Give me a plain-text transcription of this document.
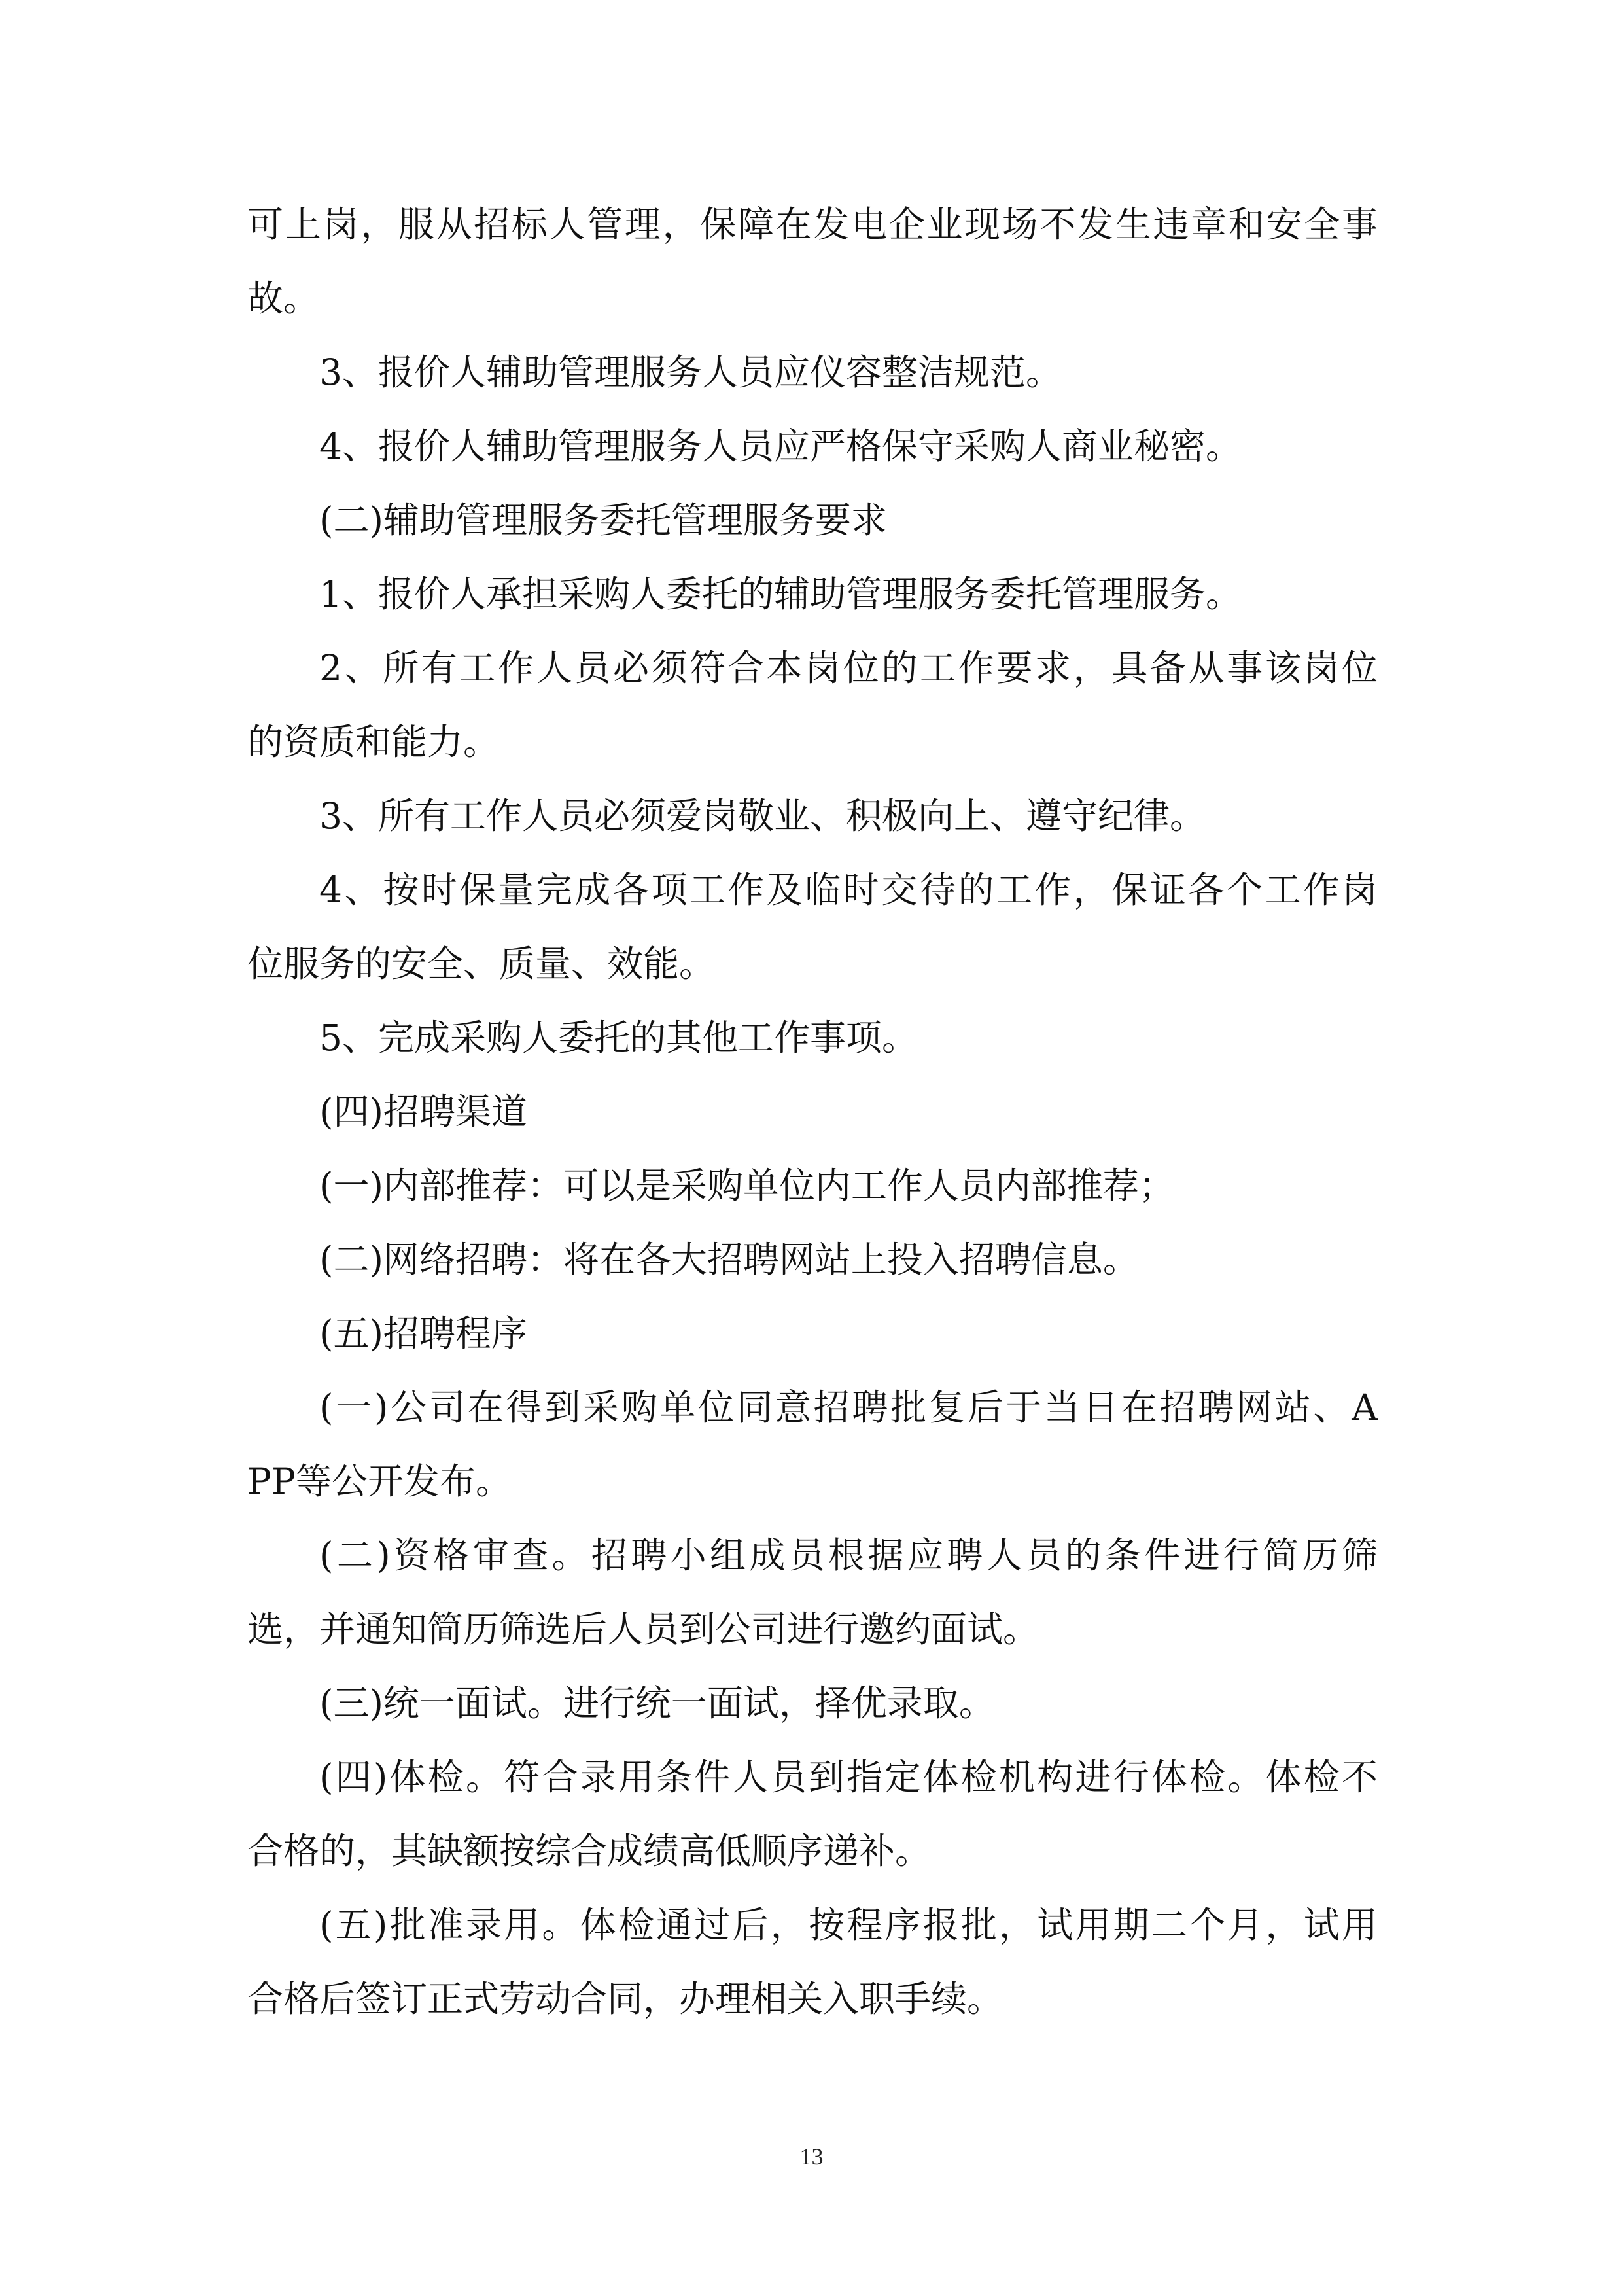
可上岗，服从招标人管理，保障在发电企业现场不发生违章和安全事
故。
3、报价人辅助管理服务人员应仪容整洁规范。
4、报价人辅助管理服务人员应严格保守采购人商业秘密。
(二)辅助管理服务委托管理服务要求
1、报价人承担采购人委托的辅助管理服务委托管理服务。
2、所有工作人员必须符合本岗位的工作要求，具备从事该岗位
的资质和能力。
3、所有工作人员必须爱岗敬业、积极向上、遵守纪律。
4、按时保量完成各项工作及临时交待的工作，保证各个工作岗
位服务的安全、质量、效能。
5、完成采购人委托的其他工作事项。
(四)招聘渠道
(一)内部推荐：可以是采购单位内工作人员内部推荐；
(二)网络招聘：将在各大招聘网站上投入招聘信息。
(五)招聘程序
(一)公司在得到采购单位同意招聘批复后于当日在招聘网站、A
PP等公开发布。
(二)资格审查。招聘小组成员根据应聘人员的条件进行简历筛
选，并通知简历筛选后人员到公司进行邀约面试。
(三)统一面试。进行统一面试，择优录取。
(四)体检。符合录用条件人员到指定体检机构进行体检。体检不
合格的，其缺额按综合成绩高低顺序递补。
(五)批准录用。体检通过后，按程序报批，试用期二个月，试用
合格后签订正式劳动合同，办理相关入职手续。
13
